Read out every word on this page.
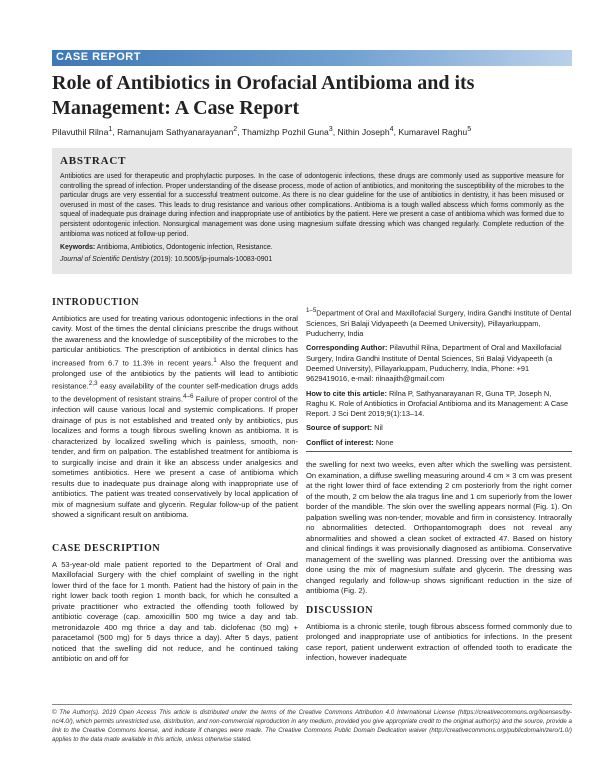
CASE REPORT
Role of Antibiotics in Orofacial Antibioma and its Management: A Case Report
Pilavuthil Rilna$^1$, Ramanujam Sathyanarayanan$^2$, Thamizhp Pozhil Guna$^3$, Nithin Joseph$^4$, Kumaravel Raghu$^5$
ABSTRACT

Antibiotics are used for therapeutic and prophylactic purposes. In the case of odontogenic infections, these drugs are commonly used as supportive measure for controlling the spread of infection. Proper understanding of the disease process, mode of action of antibiotics, and monitoring the susceptibility of the microbes to the particular drugs are very essential for a successful treatment outcome. As there is no clear guideline for the use of antibiotics in dentistry, it has been misused or overused in most of the cases. This leads to drug resistance and various other complications. Antibioma is a tough walled abscess which forms commonly as the squeal of inadequate pus drainage during infection and inappropriate use of antibiotics by the patient. Here we present a case of antibioma which was formed due to persistent odontogenic infection. Nonsurgical management was done using magnesium sulfate dressing which was changed regularly. Complete reduction of the antibioma was noticed at follow-up period.

Keywords: Antibioma, Antibiotics, Odontogenic infection, Resistance.

Journal of Scientific Dentistry (2019): 10.5005/jp-journals-10083-0901

INTRODUCTION

Antibiotics are used for treating various odontogenic infections in the oral cavity. Most of the times the dental clinicians prescribe the drugs without the awareness and the knowledge of susceptibility of the microbes to the particular antibiotics. The prescription of antibiotics in dental clinics has increased from 6.7 to 11.3% in recent years.$^1$ Also the frequent and prolonged use of the antibiotics by the patients will lead to antibiotic resistance.$^{2,3}$ easy availability of the counter self-medication drugs adds to the development of resistant strains.$^{4-6}$ Failure of proper control of the infection will cause various local and systemic complications. If proper drainage of pus is not established and treated only by antibiotics, pus localizes and forms a tough fibrous swelling known as antibioma. It is characterized by localized swelling which is painless, smooth, non-tender, and firm on palpation. The established treatment for antibioma is to surgically incise and drain it like an abscess under analgesics and sometimes antibiotics. Here we present a case of antibioma which results due to inadequate pus drainage along with inappropriate use of antibiotics. The patient was treated conservatively by local application of mix of magnesium sulfate and glycerin. Regular follow-up of the patient showed a significant result on antibioma.

CASE DESCRIPTION

A 53-year-old male patient reported to the Department of Oral and Maxillofacial Surgery with the chief complaint of swelling in the right lower third of the face for 1 month. Patient had the history of pain in the right lower back tooth region 1 month back, for which he consulted a private practitioner who extracted the offending tooth followed by antibiotic coverage (cap. amoxicillin 500 mg twice a day and tab. metronidazole 400 mg thrice a day and tab. diclofenac (50 mg) + paracetamol (500 mg) for 5 days thrice a day). After 5 days, patient noticed that the swelling did not reduce, and he continued taking antibiotic on and off for

$^{1-5}$Department of Oral and Maxillofacial Surgery, Indira Gandhi Institute of Dental Sciences, Sri Balaji Vidyapeeth (a Deemed University), Pillayarkuppam, Puducherry, India

Corresponding Author: Pilavuthil Rilna, Department of Oral and Maxillofacial Surgery, Indira Gandhi Institute of Dental Sciences, Sri Balaji Vidyapeeth (a Deemed University), Pillayarkuppam, Puducherry, India, Phone: +91 9629419016, e-mail: rilnaajith@gmail.com

How to cite this article: Rilna P, Sathyanarayanan R, Guna TP, Joseph N, Raghu K. Role of Antibiotics in Orofacial Antibioma and its Management: A Case Report. J Sci Dent 2019;9(1):13–14.

Source of support: Nil

Conflict of interest: None

the swelling for next two weeks, even after which the swelling was persistent. On examination, a diffuse swelling measuring around 4 cm × 3 cm was present at the right lower third of face extending 2 cm posteriorly from the right corner of the mouth, 2 cm below the ala tragus line and 1 cm superiorly from the lower border of the mandible. The skin over the swelling appears normal (Fig. 1). On palpation swelling was non-tender, movable and firm in consistency. Intraorally no abnormalities detected. Orthopantomograph does not reveal any abnormalities and showed a clean socket of extracted 47. Based on history and clinical findings it was provisionally diagnosed as antibioma. Conservative management of the swelling was planned. Dressing over the antibioma was done using the mix of magnesium sulfate and glycerin. The dressing was changed regularly and follow-up shows significant reduction in the size of antibioma (Fig. 2).

DISCUSSION

Antibioma is a chronic sterile, tough fibrous abscess formed commonly due to prolonged and inappropriate use of antibiotics for infections. In the present case report, patient underwent extraction of offended tooth to eradicate the infection, however inadequate

© The Author(s). 2019 Open Access This article is distributed under the terms of the Creative Commons Attribution 4.0 International License (https://creativecommons.org/licenses/by-nc/4.0/), which permits unrestricted use, distribution, and non-commercial reproduction in any medium, provided you give appropriate credit to the original author(s) and the source, provide a link to the Creative Commons license, and indicate if changes were made. The Creative Commons Public Domain Dedication waiver (http://creativecommons.org/publicdomain/zero/1.0/) applies to the data made available in this article, unless otherwise stated.
